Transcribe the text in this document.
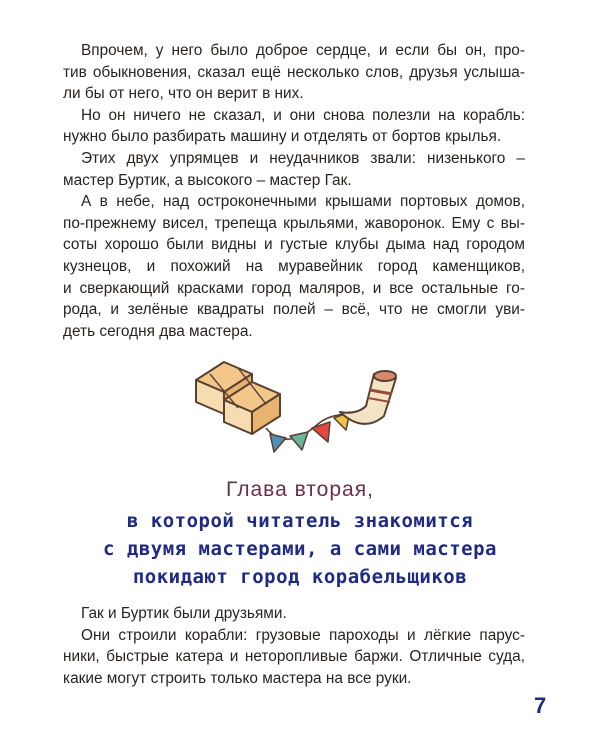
Впрочем, у него было доброе сердце, и если бы он, про-
тив обыкновения, сказал ещё несколько слов, друзья услыша-
ли бы от него, что он верит в них.

Но он ничего не сказал, и они снова полезли на корабль:
нужно было разбирать машину и отделять от бортов крылья.

Этих двух упрямцев и неудачников звали: низенького –
мастер Буртик, а высокого – мастер Гак.

А в небе, над остроконечными крышами портовых домов,
по-прежнему висел, трепеща крыльями, жаворонок. Ему с вы-
соты хорошо были видны и густые клубы дыма над городом
кузнецов, и похожий на муравейник город каменщиков,
и сверкающий красками город маляров, и все остальные го-
рода, и зелёные квадраты полей – всё, что не смогли уви-
деть сегодня два мастера.

Глава вторая,
в которой читатель знакомится
с двумя мастерами, а сами мастера
покидают город корабельщиков

Гак и Буртик были друзьями.

Они строили корабли: грузовые пароходы и лёгкие парус-
ники, быстрые катера и неторопливые баржи. Отличные суда,
какие могут строить только мастера на все руки.

7
